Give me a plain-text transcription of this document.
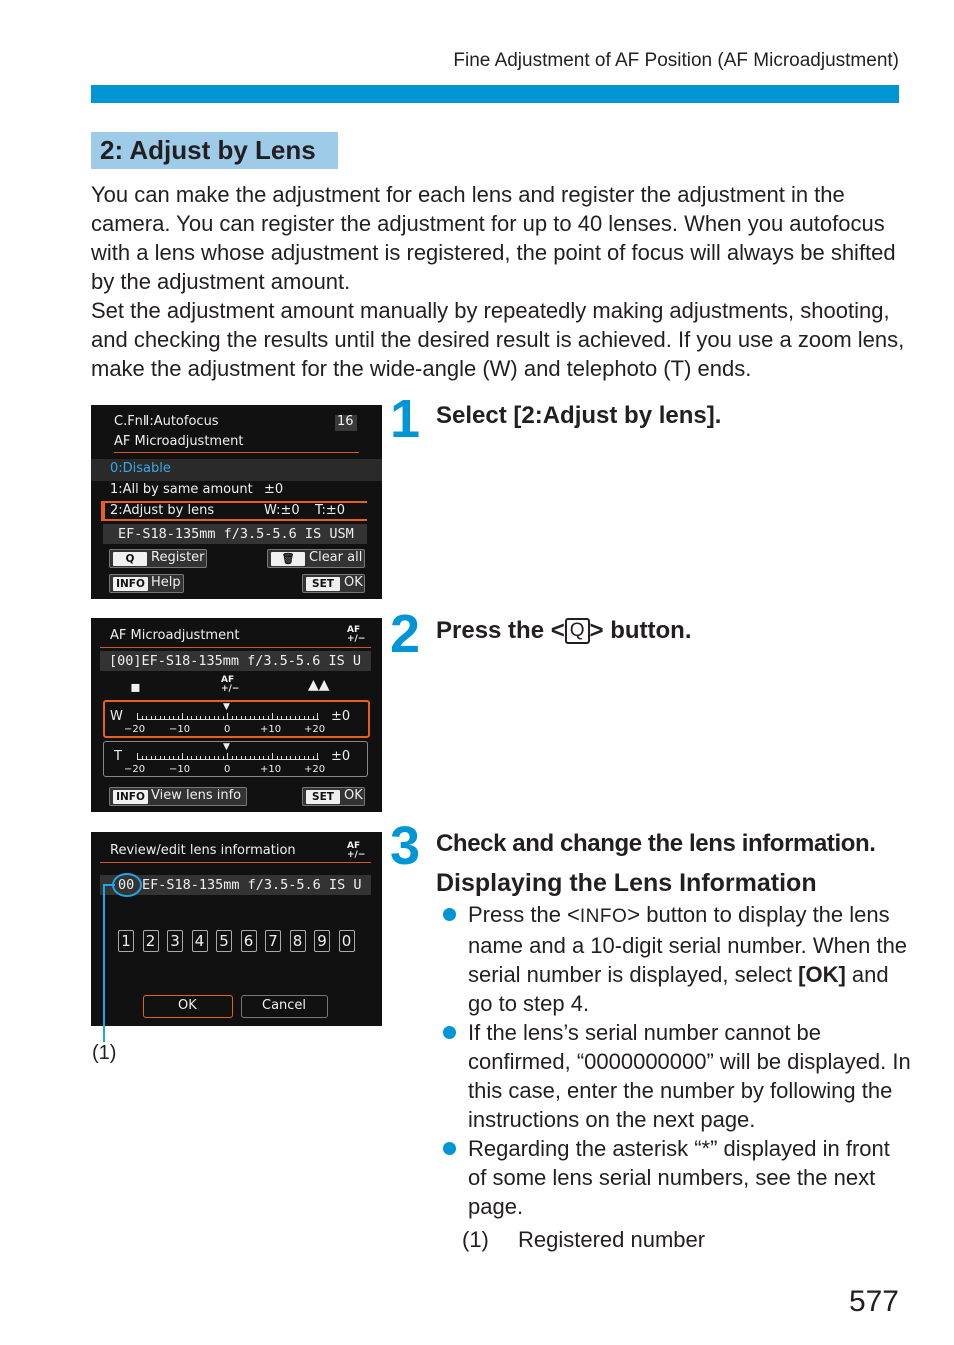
Fine Adjustment of AF Position (AF Microadjustment)
2: Adjust by Lens

You can make the adjustment for each lens and register the adjustment in the camera. You can register the adjustment for up to 40 lenses. When you autofocus with a lens whose adjustment is registered, the point of focus will always be shifted by the adjustment amount.

Set the adjustment amount manually by repeatedly making adjustments, shooting, and checking the results until the desired result is achieved. If you use a zoom lens, make the adjustment for the wide-angle (W) and telephoto (T) ends.

C.FnⅡ:Autofocus	16
AF Microadjustment
0:Disable
1:All by same amount ±0
2:Adjust by lens	W:±0 T:±0
EF-S18-135mm f/3.5-5.6 IS USM
Q	Register	🗑	Clear all
INFO Help	SET OK
AF Microadjustment	AF
+/−
[00]EF-S18-135mm f/3.5-5.6 IS U
▪	AF
+/−	▲▲
W
▼
±0
−20 −10	0	+10 +20
T
▼
±0
−20 −10	0	+10 +20
INFO View lens info	SET OK
Review/edit lens information	AF
+/−
00 EF-S18-135mm f/3.5-5.6 IS U
OK	Cancel
1 2 3 4 5 6 7 8 9 0
(1)
1 Select [2:Adjust by lens].
2 Press the < Q > button.
3 Check and change the lens information.
Displaying the Lens Information
Press the <INFO> button to display the lens name and a 10-digit serial number. When the serial number is displayed, select [OK] and go to step 4.
If the lens’s serial number cannot be confirmed, “0000000000” will be displayed. In this case, enter the number by following the instructions on the next page.
Regarding the asterisk “*” displayed in front of some lens serial numbers, see the next page.
(1) Registered number
577
